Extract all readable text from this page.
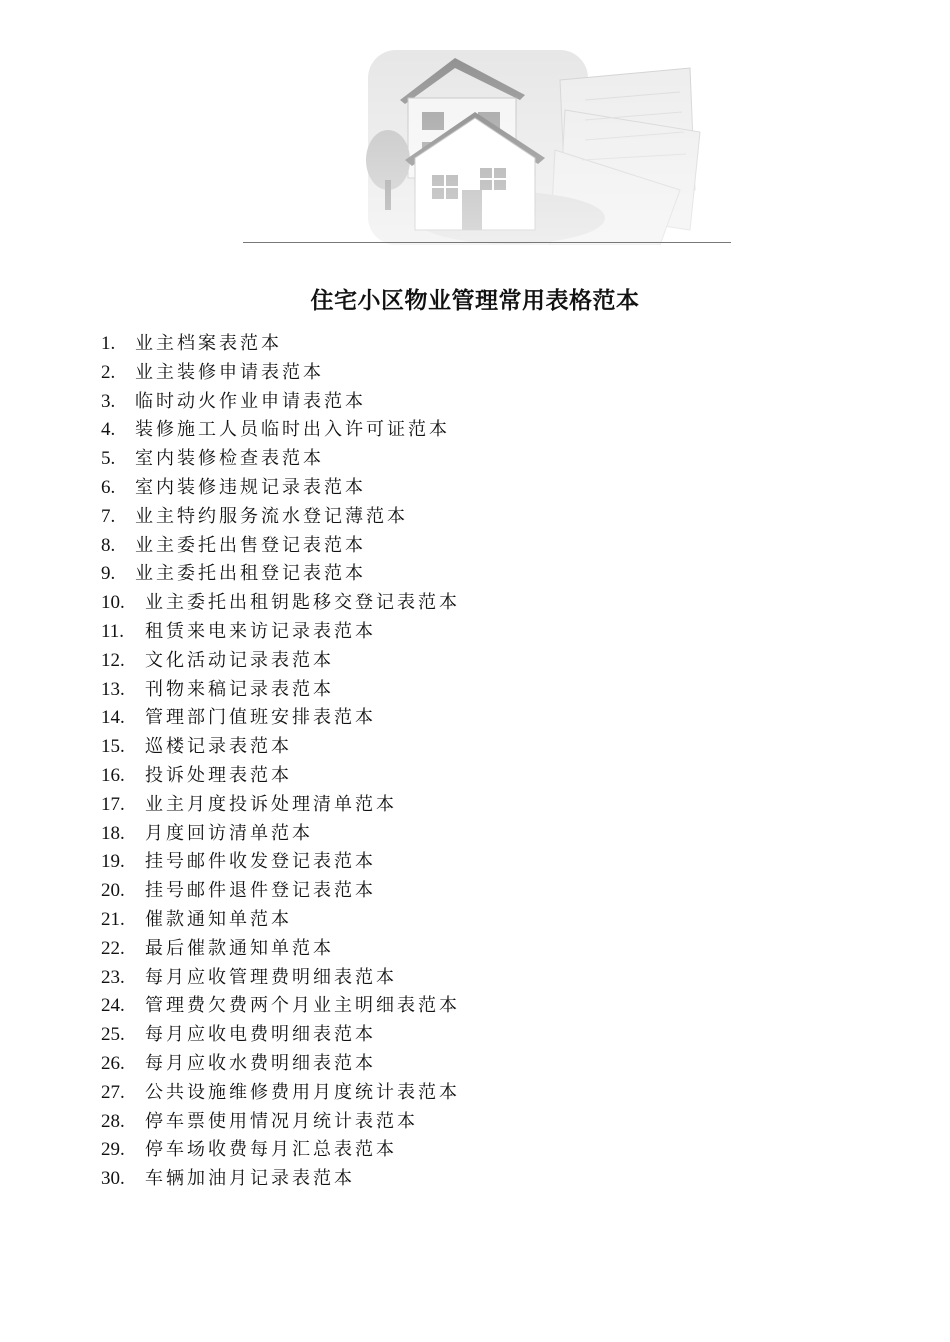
住宅小区物业管理常用表格范本
1. 业主档案表范本
2. 业主装修申请表范本
3. 临时动火作业申请表范本
4. 装修施工人员临时出入许可证范本
5. 室内装修检查表范本
6. 室内装修违规记录表范本
7. 业主特约服务流水登记薄范本
8. 业主委托出售登记表范本
9. 业主委托出租登记表范本
10. 业主委托出租钥匙移交登记表范本
11. 租赁来电来访记录表范本
12. 文化活动记录表范本
13. 刊物来稿记录表范本
14. 管理部门值班安排表范本
15. 巡楼记录表范本
16. 投诉处理表范本
17. 业主月度投诉处理清单范本
18. 月度回访清单范本
19. 挂号邮件收发登记表范本
20. 挂号邮件退件登记表范本
21. 催款通知单范本
22. 最后催款通知单范本
23. 每月应收管理费明细表范本
24. 管理费欠费两个月业主明细表范本
25. 每月应收电费明细表范本
26. 每月应收水费明细表范本
27. 公共设施维修费用月度统计表范本
28. 停车票使用情况月统计表范本
29. 停车场收费每月汇总表范本
30. 车辆加油月记录表范本
